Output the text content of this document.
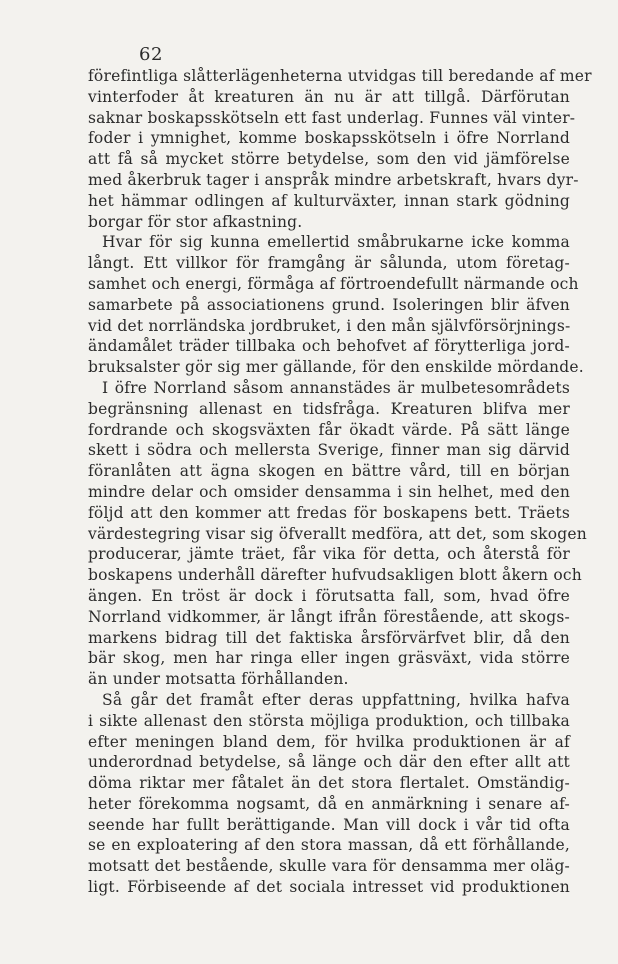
62
förefintliga slåtterlägenheterna utvidgas till beredande af mer
vinterfoder åt kreaturen än nu är att tillgå. Därförutan
saknar boskapsskötseln ett fast underlag. Funnes väl vinter-
foder i ymnighet, komme boskapsskötseln i öfre Norrland
att få så mycket större betydelse, som den vid jämförelse
med åkerbruk tager i anspråk mindre arbetskraft, hvars dyr-
het hämmar odlingen af kulturväxter, innan stark gödning
borgar för stor afkastning.
Hvar för sig kunna emellertid småbrukarne icke komma
långt. Ett villkor för framgång är sålunda, utom företag-
samhet och energi, förmåga af förtroendefullt närmande och
samarbete på associationens grund. Isoleringen blir äfven
vid det norrländska jordbruket, i den mån självförsörjnings-
ändamålet träder tillbaka och behofvet af förytterliga jord-
bruksalster gör sig mer gällande, för den enskilde mördande.
I öfre Norrland såsom annanstädes är mulbetesområdets
begränsning allenast en tidsfråga. Kreaturen blifva mer
fordrande och skogsväxten får ökadt värde. På sätt länge
skett i södra och mellersta Sverige, finner man sig därvid
föranlåten att ägna skogen en bättre vård, till en början
mindre delar och omsider densamma i sin helhet, med den
följd att den kommer att fredas för boskapens bett. Träets
värdestegring visar sig öfverallt medföra, att det, som skogen
producerar, jämte träet, får vika för detta, och återstå för
boskapens underhåll därefter hufvudsakligen blott åkern och
ängen. En tröst är dock i förutsatta fall, som, hvad öfre
Norrland vidkommer, är långt ifrån förestående, att skogs-
markens bidrag till det faktiska årsförvärfvet blir, då den
bär skog, men har ringa eller ingen gräsväxt, vida större
än under motsatta förhållanden.
Så går det framåt efter deras uppfattning, hvilka hafva
i sikte allenast den största möjliga produktion, och tillbaka
efter meningen bland dem, för hvilka produktionen är af
underordnad betydelse, så länge och där den efter allt att
döma riktar mer fåtalet än det stora flertalet. Omständig-
heter förekomma nogsamt, då en anmärkning i senare af-
seende har fullt berättigande. Man vill dock i vår tid ofta
se en exploatering af den stora massan, då ett förhållande,
motsatt det bestående, skulle vara för densamma mer oläg-
ligt. Förbiseende af det sociala intresset vid produktionen
